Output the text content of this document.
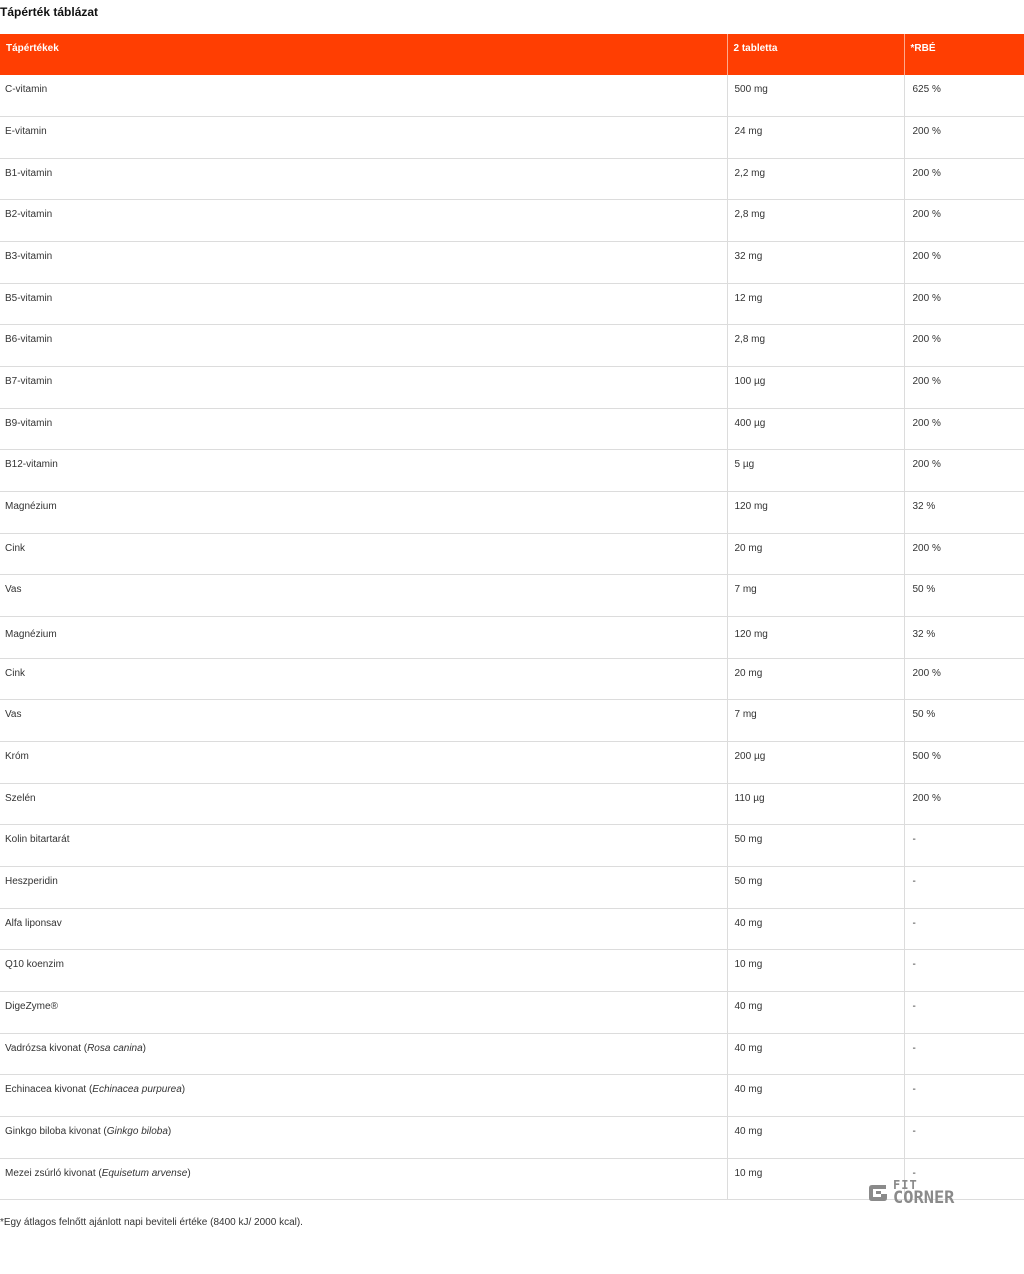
Tápérték táblázat
Tápértékek	2 tabletta	*RBÉ
C-vitamin	500 mg	625 %
E-vitamin	24 mg	200 %
B1-vitamin	2,2 mg	200 %
B2-vitamin	2,8 mg	200 %
B3-vitamin	32 mg	200 %
B5-vitamin	12 mg	200 %
B6-vitamin	2,8 mg	200 %
B7-vitamin	100 µg	200 %
B9-vitamin	400 µg	200 %
B12-vitamin	5 µg	200 %
Magnézium	120 mg	32 %
Cink	20 mg	200 %
Vas	7 mg	50 %
Magnézium	120 mg	32 %
Cink	20 mg	200 %
Vas	7 mg	50 %
Króm	200 µg	500 %
Szelén	110 µg	200 %
Kolin bitartarát	50 mg	-
Heszperidin	50 mg	-
Alfa liponsav	40 mg	-
Q10 koenzim	10 mg	-
DigeZyme®	40 mg	-
Vadrózsa kivonat (Rosa canina)	40 mg	-
Echinacea kivonat (Echinacea purpurea)	40 mg	-
Ginkgo biloba kivonat (Ginkgo biloba)	40 mg	-
Mezei zsúrló kivonat (Equisetum arvense)	10 mg	-
*Egy átlagos felnőtt ajánlott napi beviteli értéke (8400 kJ/ 2000 kcal).
FIT
CORNER
